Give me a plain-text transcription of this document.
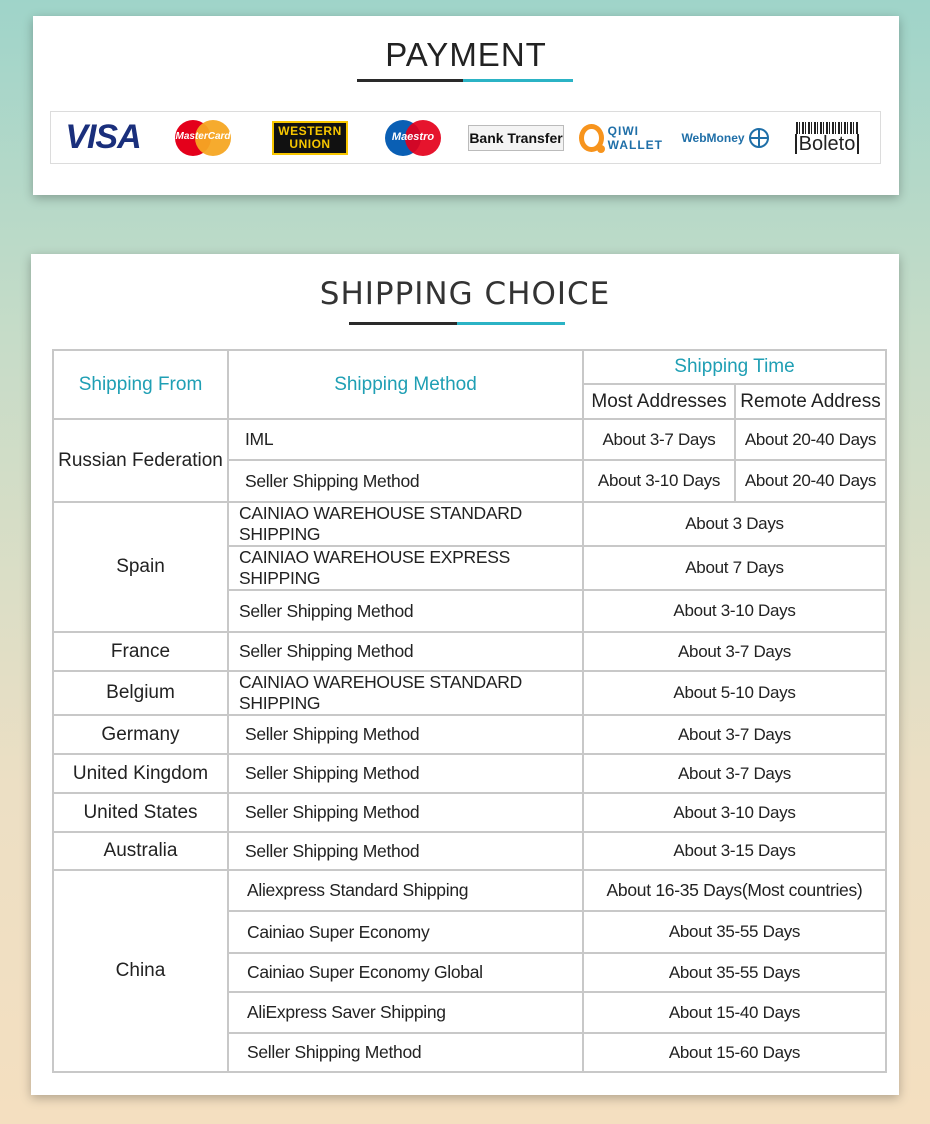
PAYMENT
VISA	MasterCard	WESTERN
UNION	Maestro	Bank Transfer	QIWI
WALLET WebMoney	Boleto
SHIPPING CHOICE
Shipping From	Shipping Method	Shipping Time	
		Most Addresses	Remote Address
Russian Federation	IML	About 3-7 Days	About 20-40 Days
	Seller Shipping Method	About 3-10 Days	About 20-40 Days
Spain	CAINIAO WAREHOUSE STANDARD SHIPPING	About 3 Days	
	CAINIAO WAREHOUSE EXPRESS SHIPPING	About 7 Days	
	Seller Shipping Method	About 3-10 Days	
France	Seller Shipping Method	About 3-7 Days	
Belgium	CAINIAO WAREHOUSE STANDARD SHIPPING	About 5-10 Days	
Germany	Seller Shipping Method	About 3-7 Days	
United Kingdom	Seller Shipping Method	About 3-7 Days	
United States	Seller Shipping Method	About 3-10 Days	
Australia	Seller Shipping Method	About 3-15 Days	
China	Aliexpress Standard Shipping	About 16-35 Days(Most countries)	
	Cainiao Super Economy	About 35-55 Days	
	Cainiao Super Economy Global	About 35-55 Days	
	AliExpress Saver Shipping	About 15-40 Days	
	Seller Shipping Method	About 15-60 Days	
